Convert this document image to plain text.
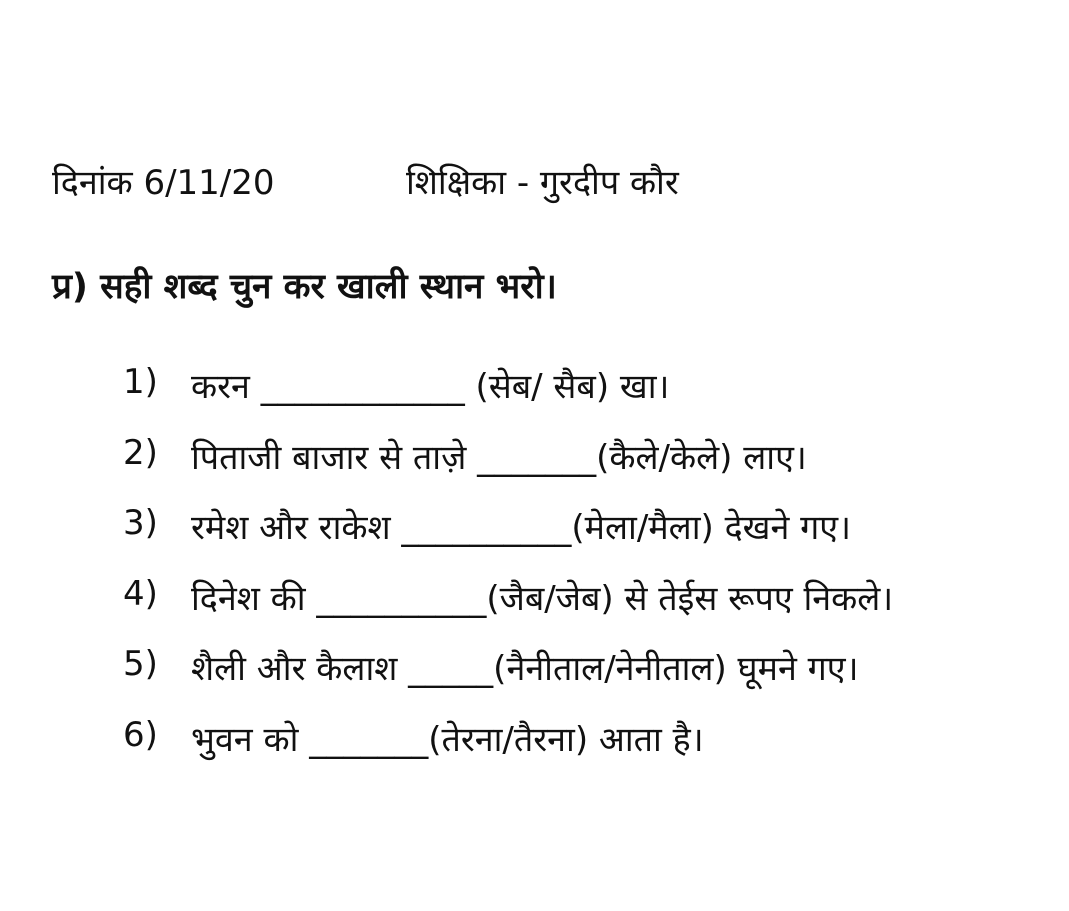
दिनांक 6/11/20	शिक्षिका - गुरदीप कौर
प्र) सही शब्द चुन कर खाली स्थान भरो।
1) करन ____________ (सेब/ सैब) खा।
2) पिताजी बाजार से ताज़े _______(कैले/केले) लाए।
3) रमेश और राकेश __________(मेला/मैला) देखने गए।
4) दिनेश की __________(जैब/जेब) से तेईस रूपए निकले।
5) शैली और कैलाश _____(नैनीताल/नेनीताल) घूमने गए।
6) भुवन को _______(तेरना/तैरना) आता है।
